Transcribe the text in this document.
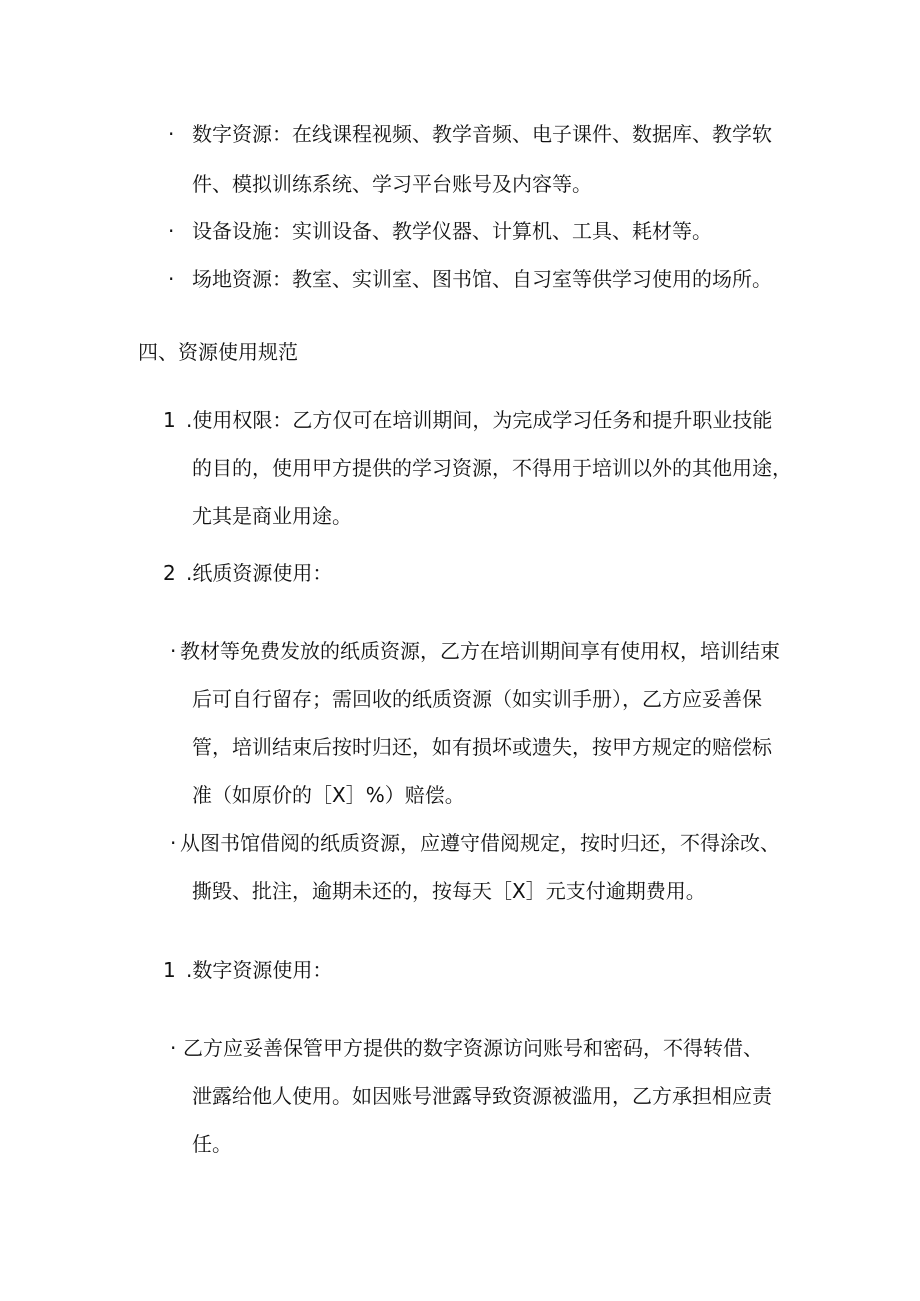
· 数字资源：在线课程视频、教学音频、电子课件、数据库、教学软
件、模拟训练系统、学习平台账号及内容等。
· 设备设施：实训设备、教学仪器、计算机、工具、耗材等。
· 场地资源：教室、实训室、图书馆、自习室等供学习使用的场所。
四、资源使用规范
1 .使用权限：乙方仅可在培训期间，为完成学习任务和提升职业技能
的目的，使用甲方提供的学习资源，不得用于培训以外的其他用途，
尤其是商业用途。
2 .纸质资源使用：
· 教材等免费发放的纸质资源，乙方在培训期间享有使用权，培训结束
后可自行留存；需回收的纸质资源（如实训手册），乙方应妥善保
管，培训结束后按时归还，如有损坏或遗失，按甲方规定的赔偿标
准（如原价的［X］%）赔偿。
· 从图书馆借阅的纸质资源，应遵守借阅规定，按时归还，不得涂改、
撕毁、批注，逾期未还的，按每天［X］元支付逾期费用。
1 .数字资源使用：
· 乙方应妥善保管甲方提供的数字资源访问账号和密码，不得转借、
泄露给他人使用。如因账号泄露导致资源被滥用，乙方承担相应责
任。
